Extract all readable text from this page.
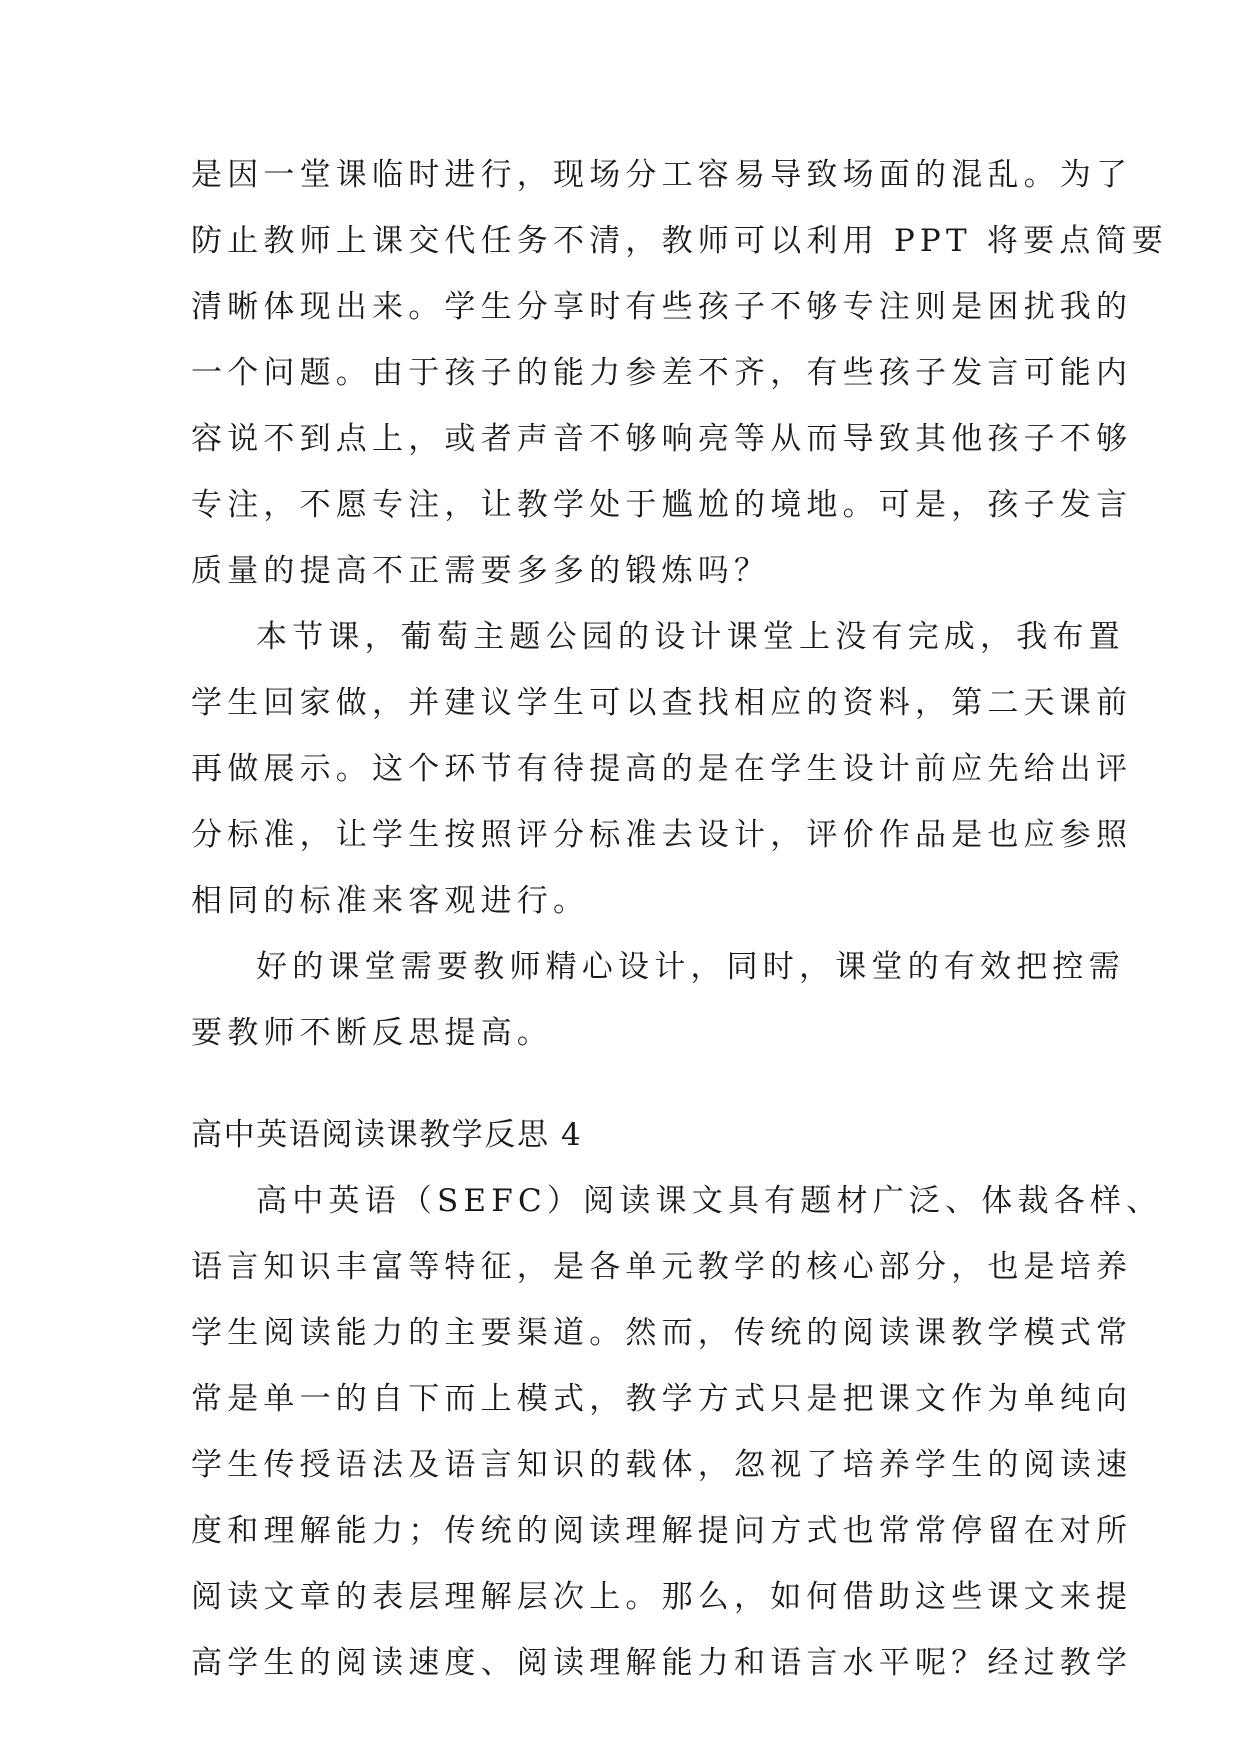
是因一堂课临时进行，现场分工容易导致场面的混乱。为了
防止教师上课交代任务不清，教师可以利用 PPT 将要点简要
清晰体现出来。学生分享时有些孩子不够专注则是困扰我的
一个问题。由于孩子的能力参差不齐，有些孩子发言可能内
容说不到点上，或者声音不够响亮等从而导致其他孩子不够
专注，不愿专注，让教学处于尴尬的境地。可是，孩子发言
质量的提高不正需要多多的锻炼吗？
本节课，葡萄主题公园的设计课堂上没有完成，我布置
学生回家做，并建议学生可以查找相应的资料，第二天课前
再做展示。这个环节有待提高的是在学生设计前应先给出评
分标准，让学生按照评分标准去设计，评价作品是也应参照
相同的标准来客观进行。
好的课堂需要教师精心设计，同时，课堂的有效把控需
要教师不断反思提高。
高中英语阅读课教学反思 4
高中英语（SEFC）阅读课文具有题材广泛、体裁各样、
语言知识丰富等特征，是各单元教学的核心部分，也是培养
学生阅读能力的主要渠道。然而，传统的阅读课教学模式常
常是单一的自下而上模式，教学方式只是把课文作为单纯向
学生传授语法及语言知识的载体，忽视了培养学生的阅读速
度和理解能力；传统的阅读理解提问方式也常常停留在对所
阅读文章的表层理解层次上。那么，如何借助这些课文来提
高学生的阅读速度、阅读理解能力和语言水平呢？经过教学
